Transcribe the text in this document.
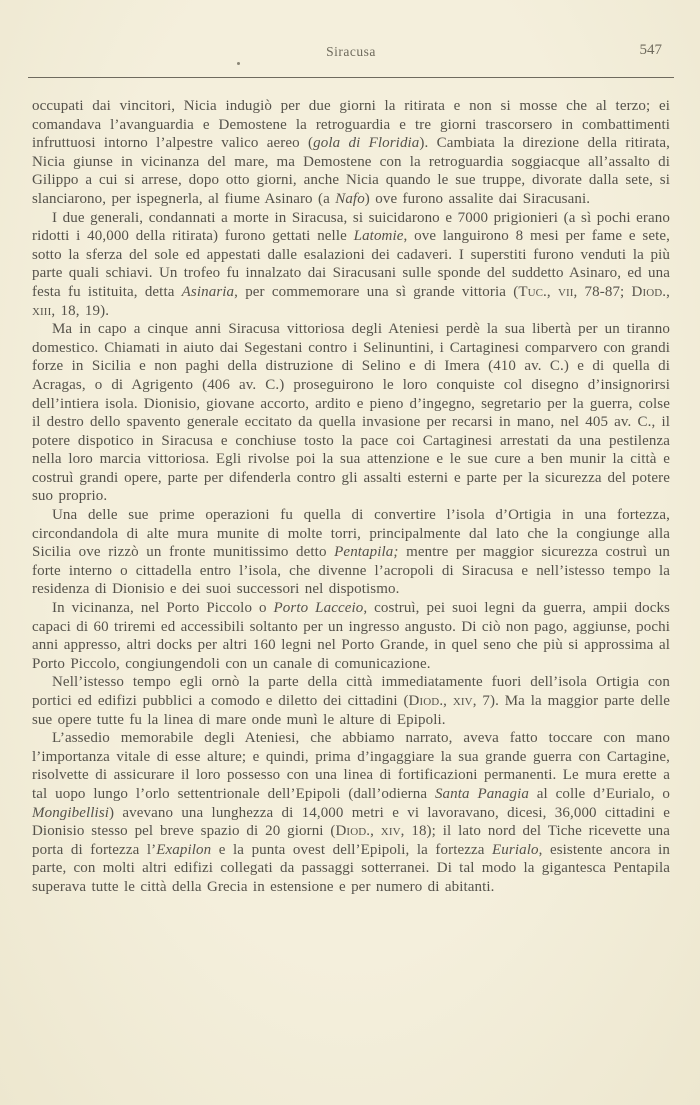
Siracusa	547

occupati dai vincitori, Nicia indugiò per due giorni la ritirata e non si mosse che al terzo; ei comandava l’avanguardia e Demostene la retroguardia e tre giorni trascorsero in combattimenti infruttuosi intorno l’alpestre valico aereo (gola di Floridia). Cambiata la direzione della ritirata, Nicia giunse in vicinanza del mare, ma Demostene con la retroguardia soggiacque all’assalto di Gilippo a cui si arrese, dopo otto giorni, anche Nicia quando le sue truppe, divorate dalla sete, si slanciarono, per ispegnerla, al fiume Asinaro (a Nafo) ove furono assalite dai Siracusani.

I due generali, condannati a morte in Siracusa, si suicidarono e 7000 prigionieri (a sì pochi erano ridotti i 40,000 della ritirata) furono gettati nelle Latomie, ove languirono 8 mesi per fame e sete, sotto la sferza del sole ed appestati dalle esalazioni dei cadaveri. I superstiti furono venduti la più parte quali schiavi. Un trofeo fu innalzato dai Siracusani sulle sponde del suddetto Asinaro, ed una festa fu istituita, detta Asinaria, per commemorare una sì grande vittoria (Tuc., vii, 78-87; Diod., xiii, 18, 19).

Ma in capo a cinque anni Siracusa vittoriosa degli Ateniesi perdè la sua libertà per un tiranno domestico. Chiamati in aiuto dai Segestani contro i Selinuntini, i Cartaginesi comparvero con grandi forze in Sicilia e non paghi della distruzione di Selino e di Imera (410 av. C.) e di quella di Acragas, o di Agrigento (406 av. C.) proseguirono le loro conquiste col disegno d’insignorirsi dell’intiera isola. Dionisio, giovane accorto, ardito e pieno d’ingegno, segretario per la guerra, colse il destro dello spavento generale eccitato da quella invasione per recarsi in mano, nel 405 av. C., il potere dispotico in Siracusa e conchiuse tosto la pace coi Cartaginesi arrestati da una pestilenza nella loro marcia vittoriosa. Egli rivolse poi la sua attenzione e le sue cure a ben munir la città e costruì grandi opere, parte per difenderla contro gli assalti esterni e parte per la sicurezza del potere suo proprio.

Una delle sue prime operazioni fu quella di convertire l’isola d’Ortigia in una fortezza, circondandola di alte mura munite di molte torri, principalmente dal lato che la congiunge alla Sicilia ove rizzò un fronte munitissimo detto Pentapila; mentre per maggior sicurezza costruì un forte interno o cittadella entro l’isola, che divenne l’acropoli di Siracusa e nell’istesso tempo la residenza di Dionisio e dei suoi successori nel dispotismo.

In vicinanza, nel Porto Piccolo o Porto Lacceio, costruì, pei suoi legni da guerra, ampii docks capaci di 60 triremi ed accessibili soltanto per un ingresso angusto. Di ciò non pago, aggiunse, pochi anni appresso, altri docks per altri 160 legni nel Porto Grande, in quel seno che più si approssima al Porto Piccolo, congiungendoli con un canale di comunicazione.

Nell’istesso tempo egli ornò la parte della città immediatamente fuori dell’isola Ortigia con portici ed edifizi pubblici a comodo e diletto dei cittadini (Diod., xiv, 7). Ma la maggior parte delle sue opere tutte fu la linea di mare onde munì le alture di Epipoli.

L’assedio memorabile degli Ateniesi, che abbiamo narrato, aveva fatto toccare con mano l’importanza vitale di esse alture; e quindi, prima d’ingaggiare la sua grande guerra con Cartagine, risolvette di assicurare il loro possesso con una linea di fortificazioni permanenti. Le mura erette a tal uopo lungo l’orlo settentrionale dell’Epipoli (dall’odierna Santa Panagia al colle d’Eurialo, o Mongibellisi) avevano una lunghezza di 14,000 metri e vi lavoravano, dicesi, 36,000 cittadini e Dionisio stesso pel breve spazio di 20 giorni (Diod., xiv, 18); il lato nord del Tiche ricevette una porta di fortezza l’Exapilon e la punta ovest dell’Epipoli, la fortezza Eurialo, esistente ancora in parte, con molti altri edifizi collegati da passaggi sotterranei. Di tal modo la gigantesca Pentapila superava tutte le città della Grecia in estensione e per numero di abitanti.
